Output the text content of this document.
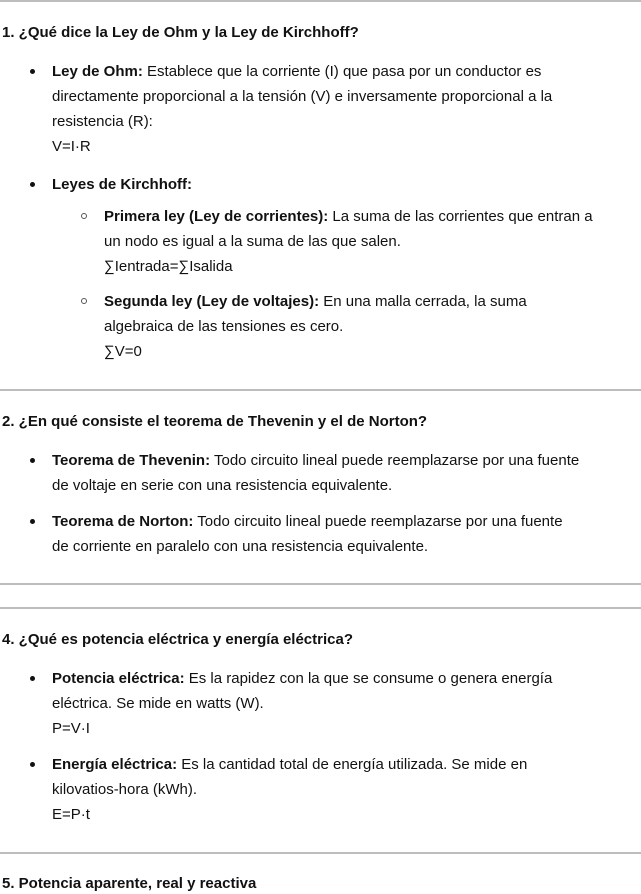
1. ¿Qué dice la Ley de Ohm y la Ley de Kirchhoff?
Ley de Ohm: Establece que la corriente (I) que pasa por un conductor es
directamente proporcional a la tensión (V) e inversamente proporcional a la
resistencia (R):
V=I·R
Leyes de Kirchhoff:
Primera ley (Ley de corrientes): La suma de las corrientes que entran a
un nodo es igual a la suma de las que salen.
∑Ientrada=∑Isalida
Segunda ley (Ley de voltajes): En una malla cerrada, la suma
algebraica de las tensiones es cero.
∑V=0
2. ¿En qué consiste el teorema de Thevenin y el de Norton?
Teorema de Thevenin: Todo circuito lineal puede reemplazarse por una fuente
de voltaje en serie con una resistencia equivalente.
Teorema de Norton: Todo circuito lineal puede reemplazarse por una fuente
de corriente en paralelo con una resistencia equivalente.
4. ¿Qué es potencia eléctrica y energía eléctrica?
Potencia eléctrica: Es la rapidez con la que se consume o genera energía
eléctrica. Se mide en watts (W).
P=V·I
Energía eléctrica: Es la cantidad total de energía utilizada. Se mide en
kilovatios-hora (kWh).
E=P·t
5. Potencia aparente, real y reactiva
